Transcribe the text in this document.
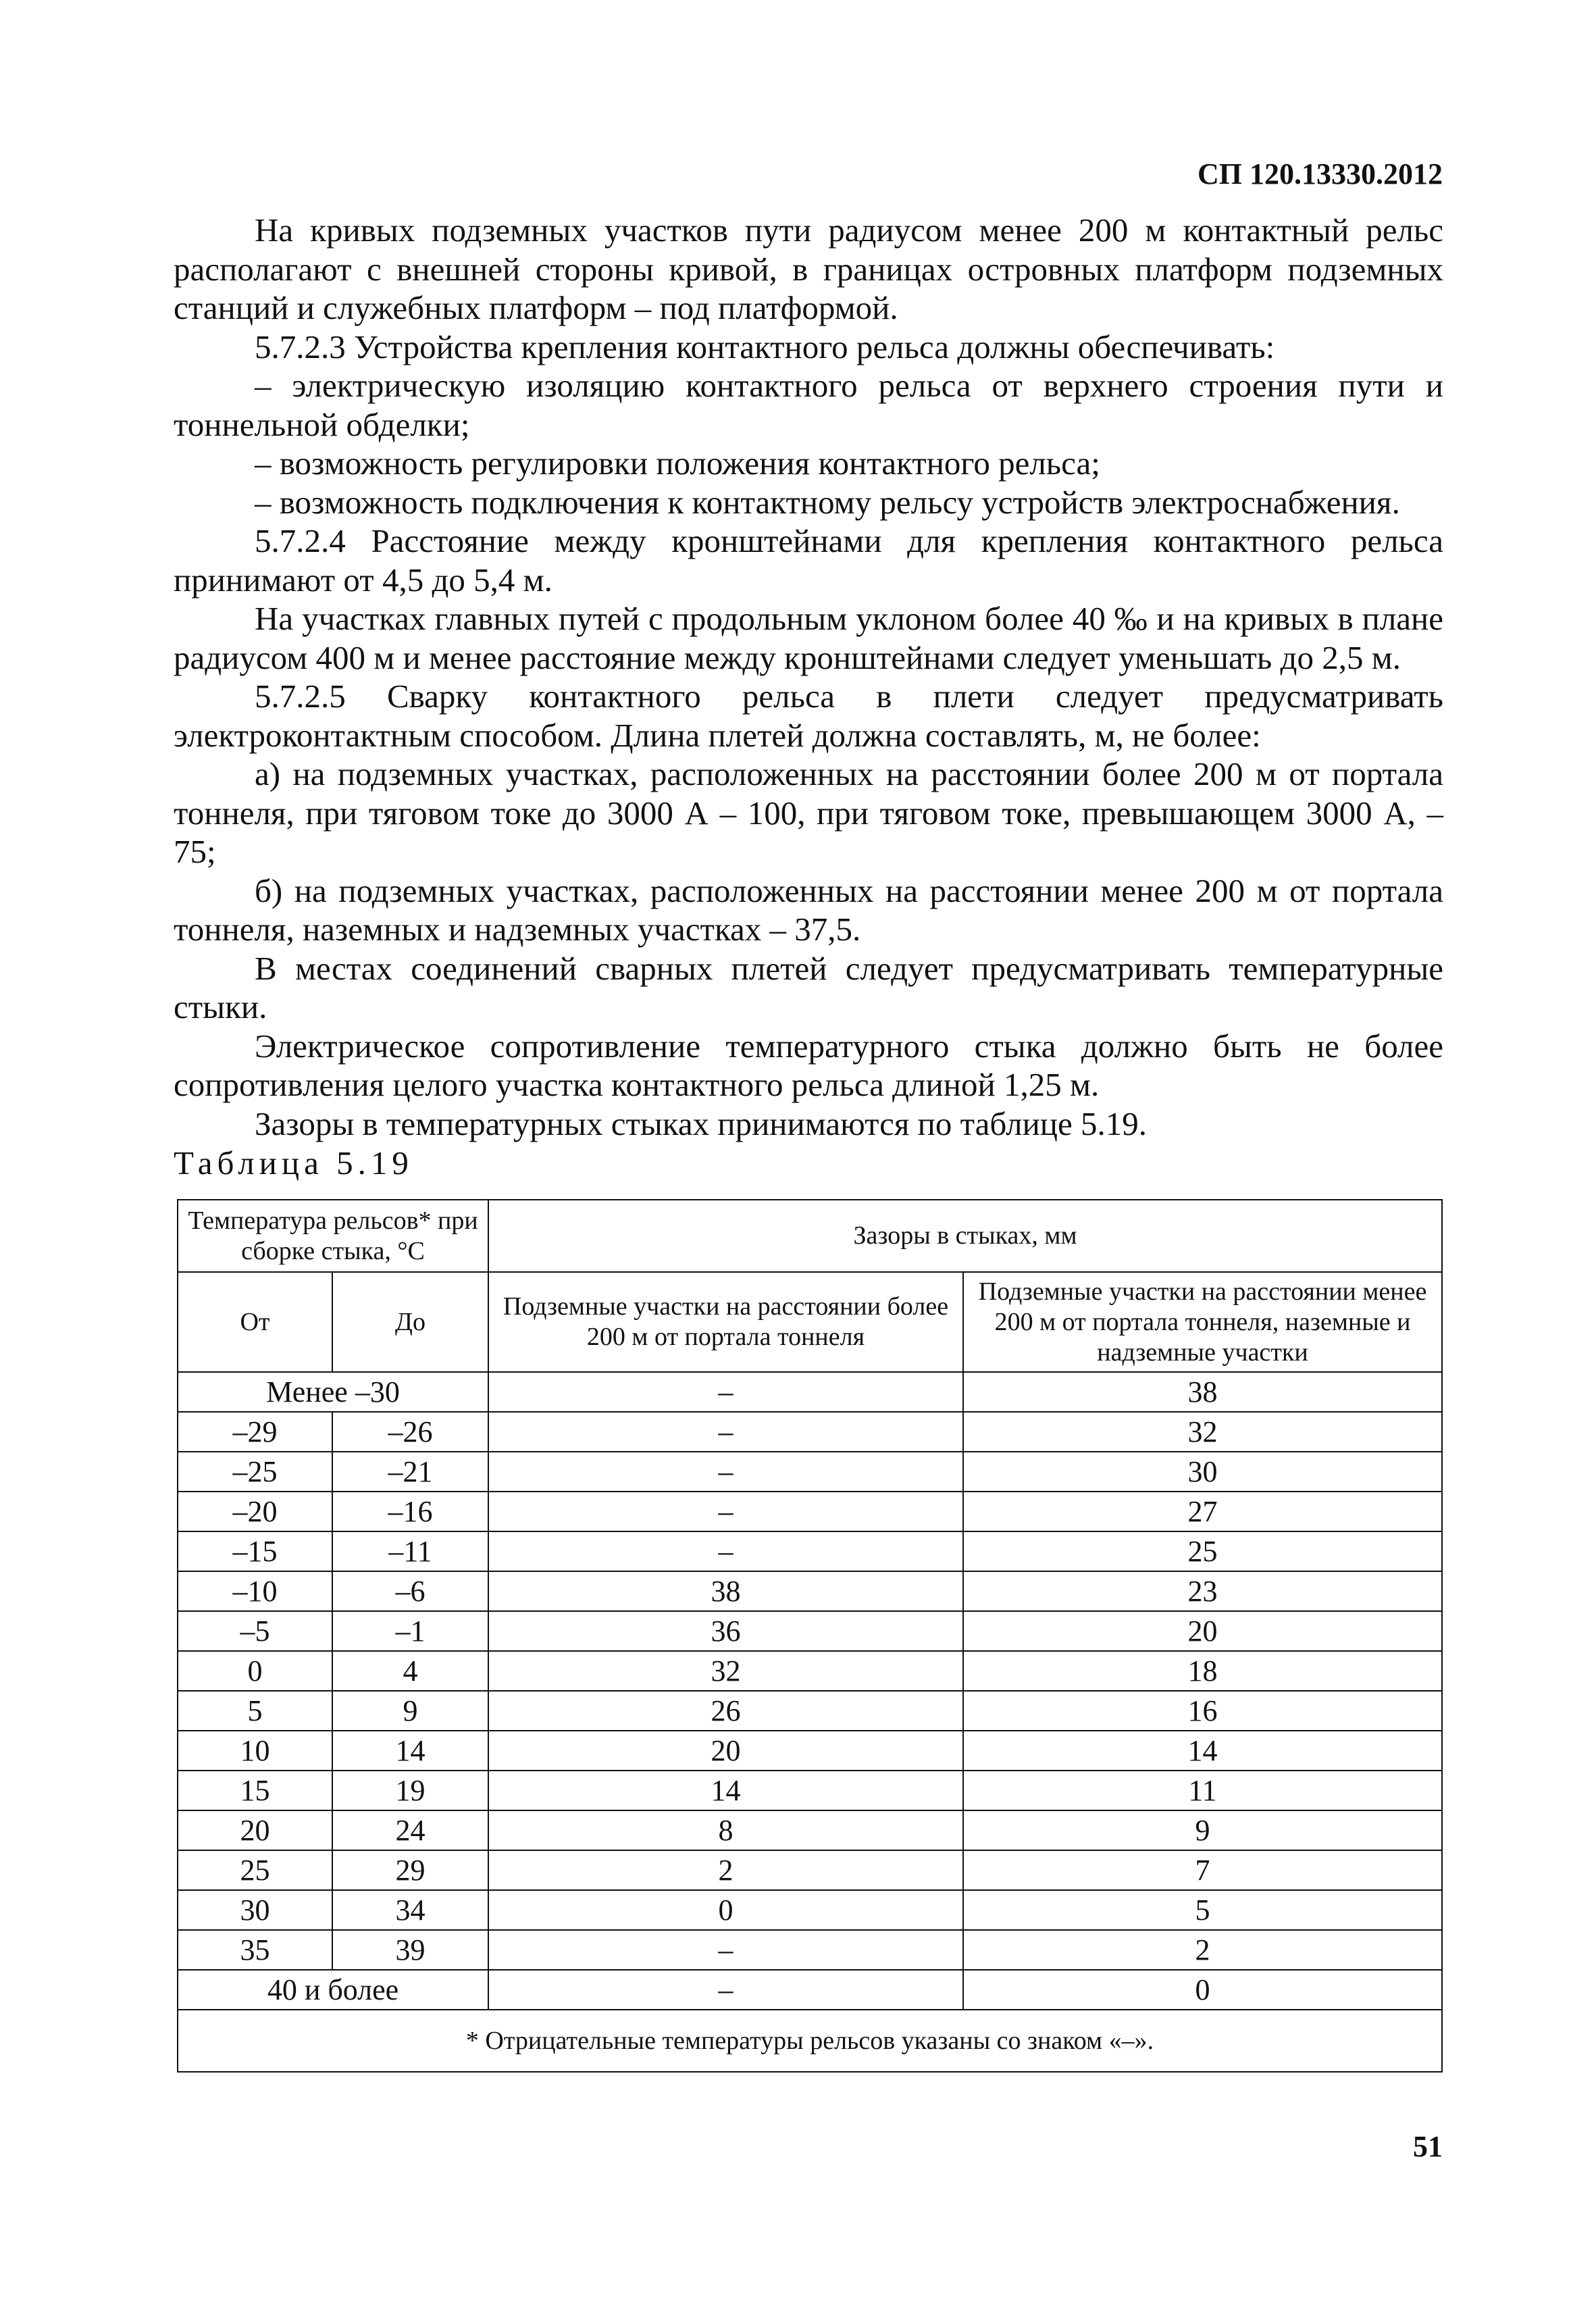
СП 120.13330.2012

На кривых подземных участков пути радиусом менее 200 м контактный рельс располагают с внешней стороны кривой, в границах островных платформ подземных станций и служебных платформ – под платформой.

5.7.2.3 Устройства крепления контактного рельса должны обеспечивать:

– электрическую изоляцию контактного рельса от верхнего строения пути и тоннельной обделки;

– возможность регулировки положения контактного рельса;

– возможность подключения к контактному рельсу устройств электроснабжения.

5.7.2.4 Расстояние между кронштейнами для крепления контактного рельса принимают от 4,5 до 5,4 м.

На участках главных путей с продольным уклоном более 40 ‰ и на кривых в плане радиусом 400 м и менее расстояние между кронштейнами следует уменьшать до 2,5 м.

5.7.2.5 Сварку контактного рельса в плети следует предусматривать электроконтактным способом. Длина плетей должна составлять, м, не более:

а) на подземных участках, расположенных на расстоянии более 200 м от портала тоннеля, при тяговом токе до 3000 А – 100, при тяговом токе, превышающем 3000 А, – 75;

б) на подземных участках, расположенных на расстоянии менее 200 м от портала тоннеля, наземных и надземных участках – 37,5.

В местах соединений сварных плетей следует предусматривать температурные стыки.

Электрическое сопротивление температурного стыка должно быть не более сопротивления целого участка контактного рельса длиной 1,25 м.

Зазоры в температурных стыках принимаются по таблице 5.19.

Таблица 5.19
Температура рельсов* при сборке стыка, °С		Зазоры в стыках, мм	
От	До	Подземные участки на расстоянии более 200 м от портала тоннеля	Подземные участки на расстоянии менее 200 м от портала тоннеля, наземные и надземные участки
Менее –30		–	38
–29	–26	–	32
–25	–21	–	30
–20	–16	–	27
–15	–11	–	25
–10	–6	38	23
–5	–1	36	20
0	4	32	18
5	9	26	16
10	14	20	14
15	19	14	11
20	24	8	9
25	29	2	7
30	34	0	5
35	39	–	2
40 и более		–	0
* Отрицательные температуры рельсов указаны со знаком «–».			
51
